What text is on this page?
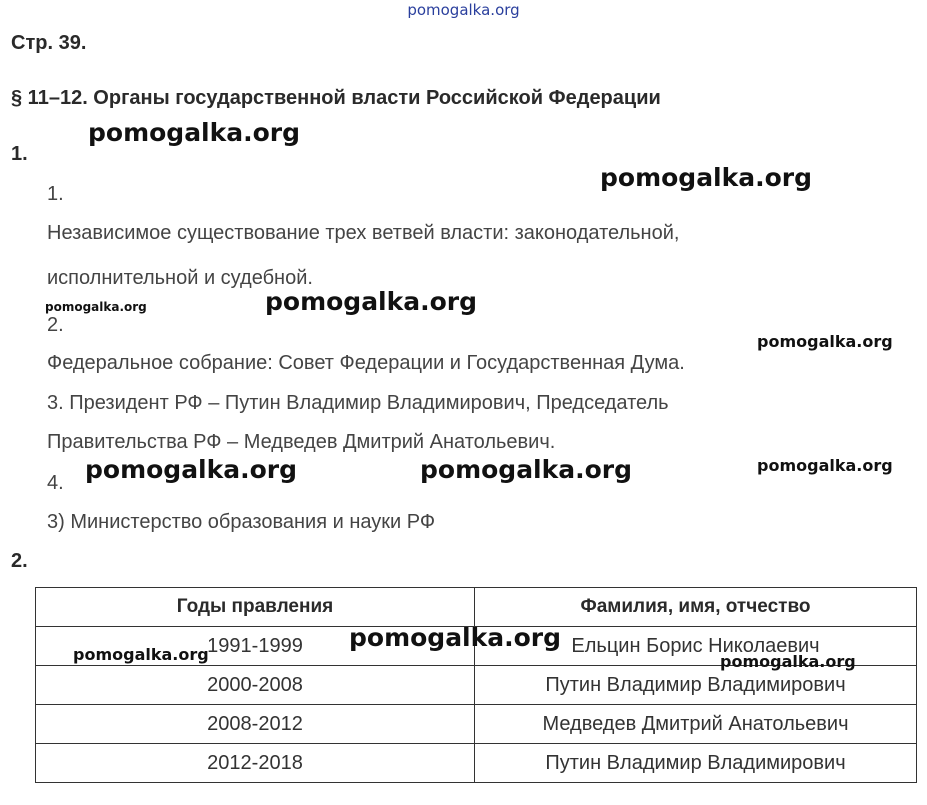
pomogalka.org
Стр. 39.
§ 11–12. Органы государственной власти Российской Федерации
1.
1.
Независимое существование трех ветвей власти: законодательной,
исполнительной и судебной.
2.
Федеральное собрание: Совет Федерации и Государственная Дума.
3. Президент РФ – Путин Владимир Владимирович, Председатель
Правительства РФ – Медведев Дмитрий Анатольевич.
4.
3) Министерство образования и науки РФ
2.
Годы правления	Фамилия, имя, отчество
1991-1999	Ельцин Борис Николаевич
2000-2008	Путин Владимир Владимирович
2008-2012	Медведев Дмитрий Анатольевич
2012-2018	Путин Владимир Владимирович
pomogalka.org
pomogalka.org
pomogalka.org	pomogalka.org
pomogalka.org
pomogalka.org	pomogalka.org	pomogalka.org
pomogalka.org
pomogalka.org	pomogalka.org
